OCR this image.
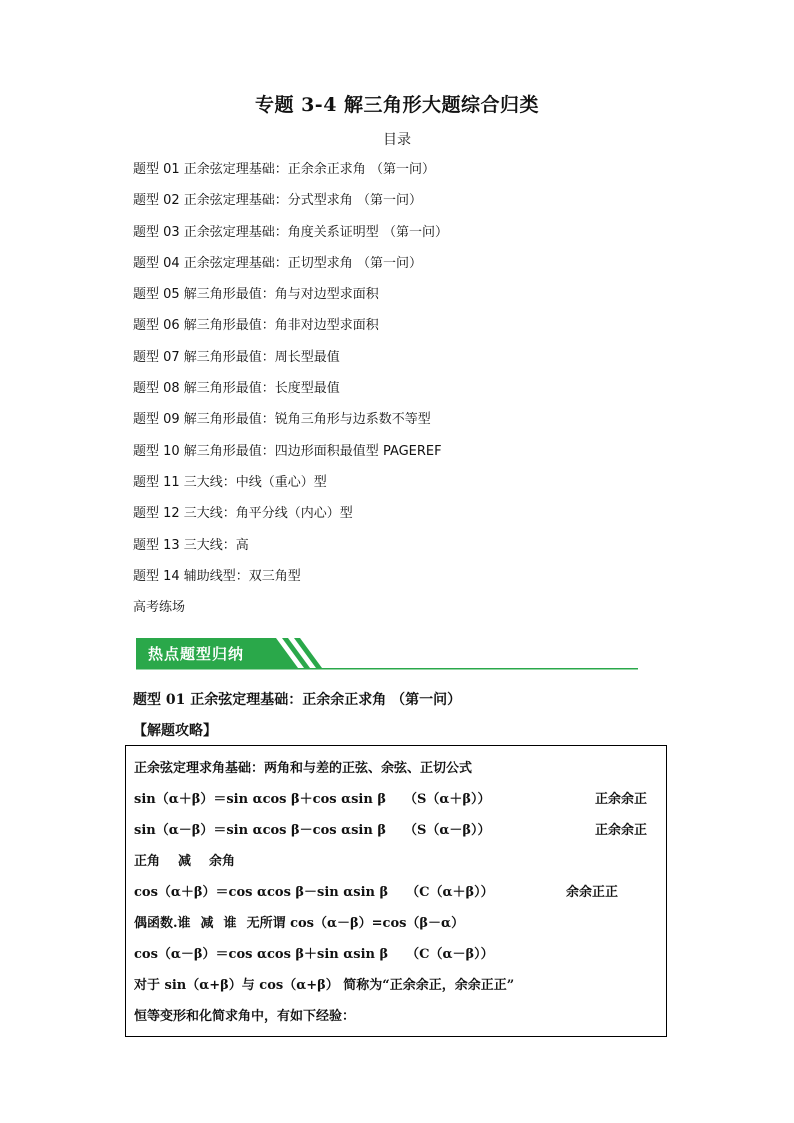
专题 3-4 解三角形大题综合归类
目录
题型 01 正余弦定理基础：正余余正求角 （第一问）
题型 02 正余弦定理基础：分式型求角 （第一问）
题型 03 正余弦定理基础：角度关系证明型 （第一问）
题型 04 正余弦定理基础：正切型求角 （第一问）
题型 05 解三角形最值：角与对边型求面积
题型 06 解三角形最值：角非对边型求面积
题型 07 解三角形最值：周长型最值
题型 08 解三角形最值：长度型最值
题型 09 解三角形最值：锐角三角形与边系数不等型
题型 10 解三角形最值：四边形面积最值型 PAGEREF
题型 11 三大线：中线（重心）型
题型 12 三大线：角平分线（内心）型
题型 13 三大线：高
题型 14 辅助线型：双三角型
高考练场
热点题型归纳
题型 01 正余弦定理基础：正余余正求角 （第一问）
【解题攻略】
正余弦定理求角基础：两角和与差的正弦、余弦、正切公式
sin（α＋β）＝sin αcos β＋cos αsin β （S（α＋β））	正余余正
sin（α－β）＝sin αcos β－cos αsin β （S（α－β））	正余余正
正角 减 余角
cos（α＋β）＝cos αcos β－sin αsin β （C（α＋β））	余余正正
偶函数.谁 减 谁 无所谓 cos（α－β）=cos（β－α）
cos（α－β）＝cos αcos β＋sin αsin β （C（α－β））
对于 sin（α+β）与 cos（α+β） 简称为“正余余正，余余正正”
恒等变形和化简求角中，有如下经验：
